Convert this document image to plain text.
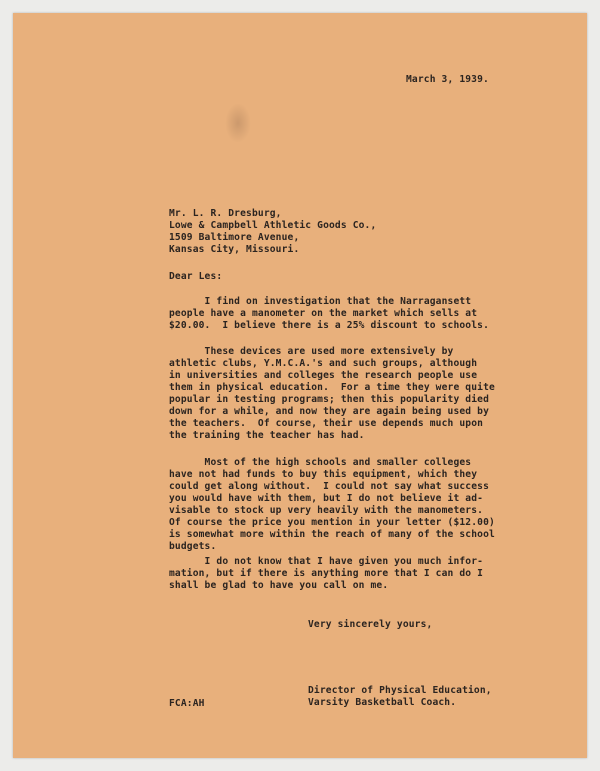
March 3, 1939.
Mr. L. R. Dresburg,
Lowe & Campbell Athletic Goods Co.,
1509 Baltimore Avenue,
Kansas City, Missouri.
Dear Les:
I find on investigation that the Narragansett
people have a manometer on the market which sells at
$20.00.  I believe there is a 25% discount to schools.
These devices are used more extensively by
athletic clubs, Y.M.C.A.'s and such groups, although
in universities and colleges the research people use
them in physical education.  For a time they were quite
popular in testing programs; then this popularity died
down for a while, and now they are again being used by
the teachers.  Of course, their use depends much upon
the training the teacher has had.
Most of the high schools and smaller colleges
have not had funds to buy this equipment, which they
could get along without.  I could not say what success
you would have with them, but I do not believe it ad-
visable to stock up very heavily with the manometers.
Of course the price you mention in your letter ($12.00)
is somewhat more within the reach of many of the school
budgets.
I do not know that I have given you much infor-
mation, but if there is anything more that I can do I
shall be glad to have you call on me.
Very sincerely yours,
Director of Physical Education,
Varsity Basketball Coach.
FCA:AH
